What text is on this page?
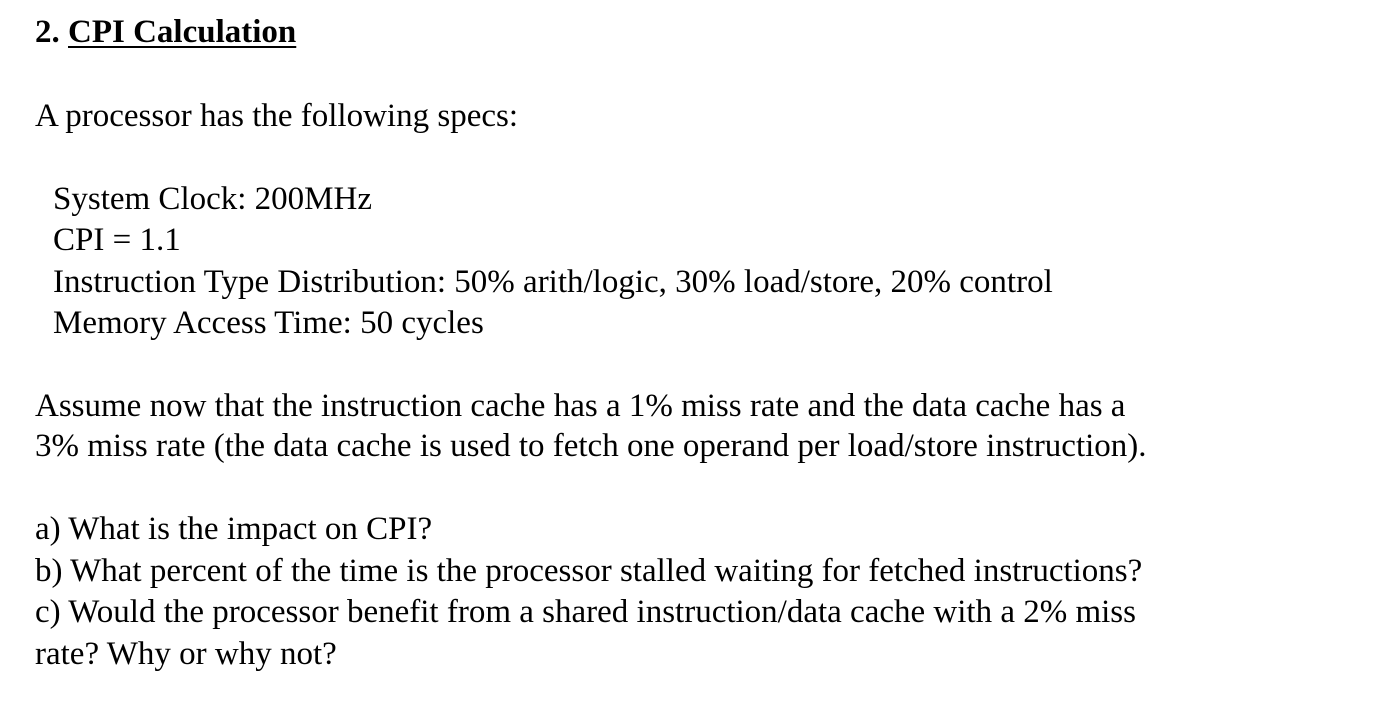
2. CPI Calculation
A processor has the following specs:
System Clock: 200MHz
CPI = 1.1
Instruction Type Distribution: 50% arith/logic, 30% load/store, 20% control
Memory Access Time: 50 cycles
Assume now that the instruction cache has a 1% miss rate and the data cache has a
3% miss rate (the data cache is used to fetch one operand per load/store instruction).
a) What is the impact on CPI?
b) What percent of the time is the processor stalled waiting for fetched instructions?
c) Would the processor benefit from a shared instruction/data cache with a 2% miss
rate? Why or why not?
